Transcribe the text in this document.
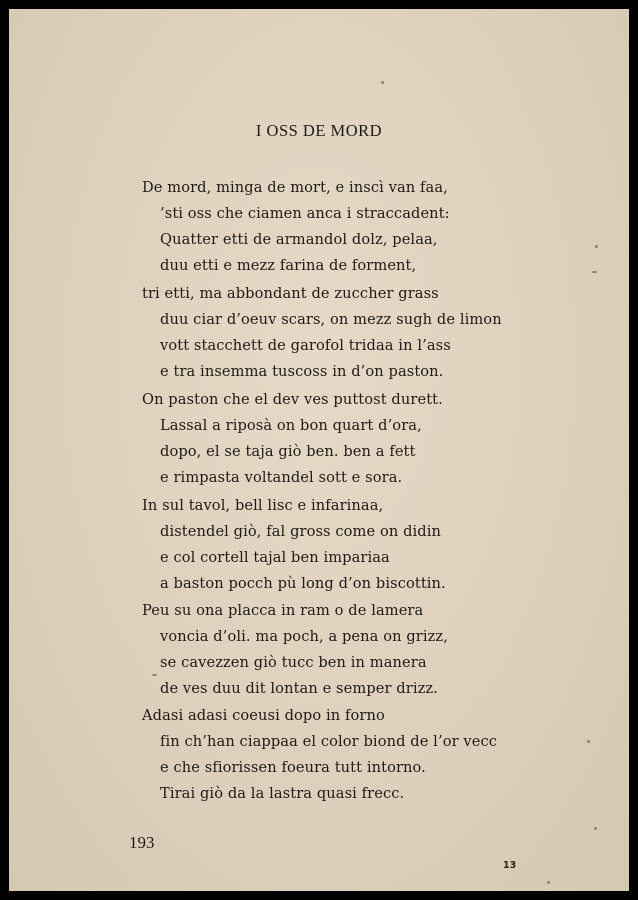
I OSS DE MORD
De mord, minga de mort, e inscì van faa,
’sti oss che ciamen anca i straccadent:
Quatter etti de armandol dolz, pelaa,
duu etti e mezz farina de forment,
tri etti, ma abbondant de zuccher grass
duu ciar d’oeuv scars, on mezz sugh de limon
vott stacchett de garofol tridaa in l’ass
e tra insemma tuscoss in d’on paston.
On paston che el dev ves puttost durett.
Lassal a riposà on bon quart d’ora,
dopo, el se taja giò ben. ben a fett
e rimpasta voltandel sott e sora.
In sul tavol, bell lisc e infarinaa,
distendel giò, fal gross come on didin
e col cortell tajal ben impariaa
a baston pocch pù long d’on biscottin.
Peu su ona placca in ram o de lamera
voncia d’oli. ma poch, a pena on grizz,
se cavezzen giò tucc ben in manera
de ves duu dit lontan e semper drizz.
Adasi adasi coeusi dopo in forno
fin ch’han ciappaa el color biond de l’or vecc
e che sfiorissen foeura tutt intorno.
Tirai giò da la lastra quasi frecc.
193
13
